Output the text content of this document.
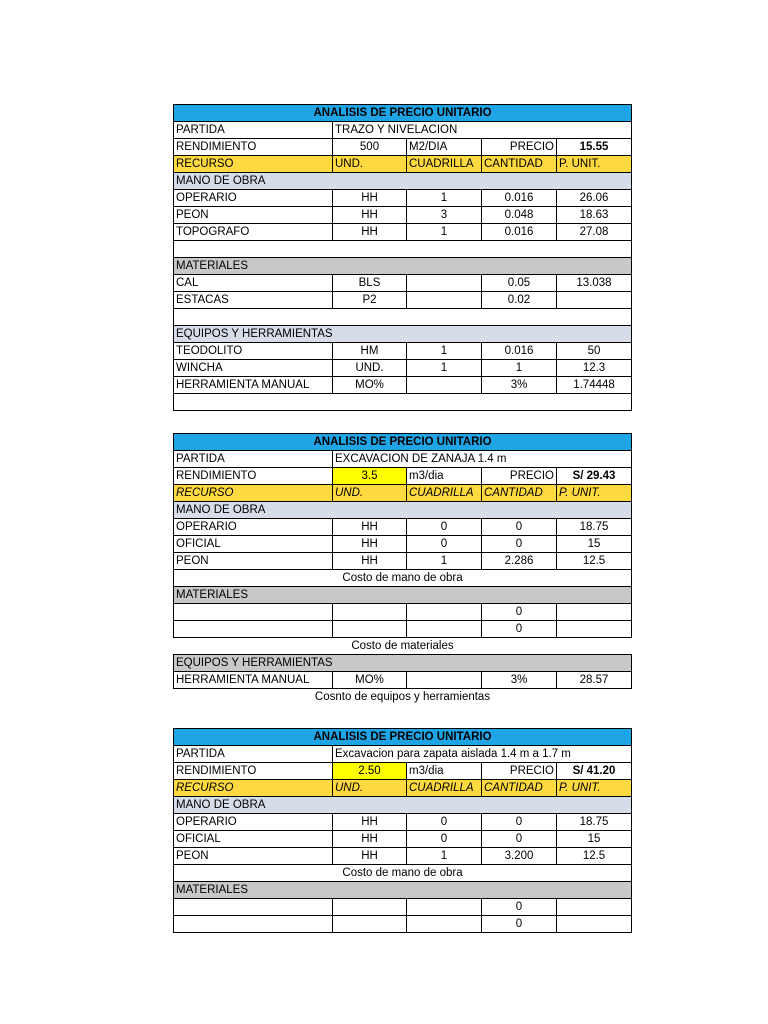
ANALISIS DE PRECIO UNITARIO				
PARTIDA	TRAZO Y NIVELACION			
RENDIMIENTO	500	M2/DIA	PRECIO	15.55
RECURSO	UND.	CUADRILLA	CANTIDAD	P. UNIT.
MANO DE OBRA				
OPERARIO	HH	1	0.016	26.06
PEON	HH	3	0.048	18.63
TOPOGRAFO	HH	1	0.016	27.08

MATERIALES				
CAL	BLS		0.05	13.038
ESTACAS	P2		0.02	

EQUIPOS Y HERRAMIENTAS				
TEODOLITO	HM	1	0.016	50
WINCHA	UND.	1	1	12.3
HERRAMIENTA MANUAL	MO%		3%	1.74448

ANALISIS DE PRECIO UNITARIO				
PARTIDA	EXCAVACION DE ZANAJA 1.4 m			
RENDIMIENTO	3.5	m3/dia	PRECIO	S/ 29.43
RECURSO	UND.	CUADRILLA	CANTIDAD	P. UNIT.
MANO DE OBRA				
OPERARIO	HH	0	0	18.75
OFICIAL	HH	0	0	15
PEON	HH	1	2.286	12.5
Costo de mano de obra				
MATERIALES				
			0	
			0	
Costo de materiales				
EQUIPOS Y HERRAMIENTAS				
HERRAMIENTA MANUAL	MO%		3%	28.57
Cosnto de equipos y herramientas				
ANALISIS DE PRECIO UNITARIO				
PARTIDA	Excavacion para zapata aislada 1.4 m a 1.7 m			
RENDIMIENTO	2.50	m3/dia	PRECIO	S/ 41.20
RECURSO	UND.	CUADRILLA	CANTIDAD	P. UNIT.
MANO DE OBRA				
OPERARIO	HH	0	0	18.75
OFICIAL	HH	0	0	15
PEON	HH	1	3.200	12.5
Costo de mano de obra				
MATERIALES				
			0	
			0	
